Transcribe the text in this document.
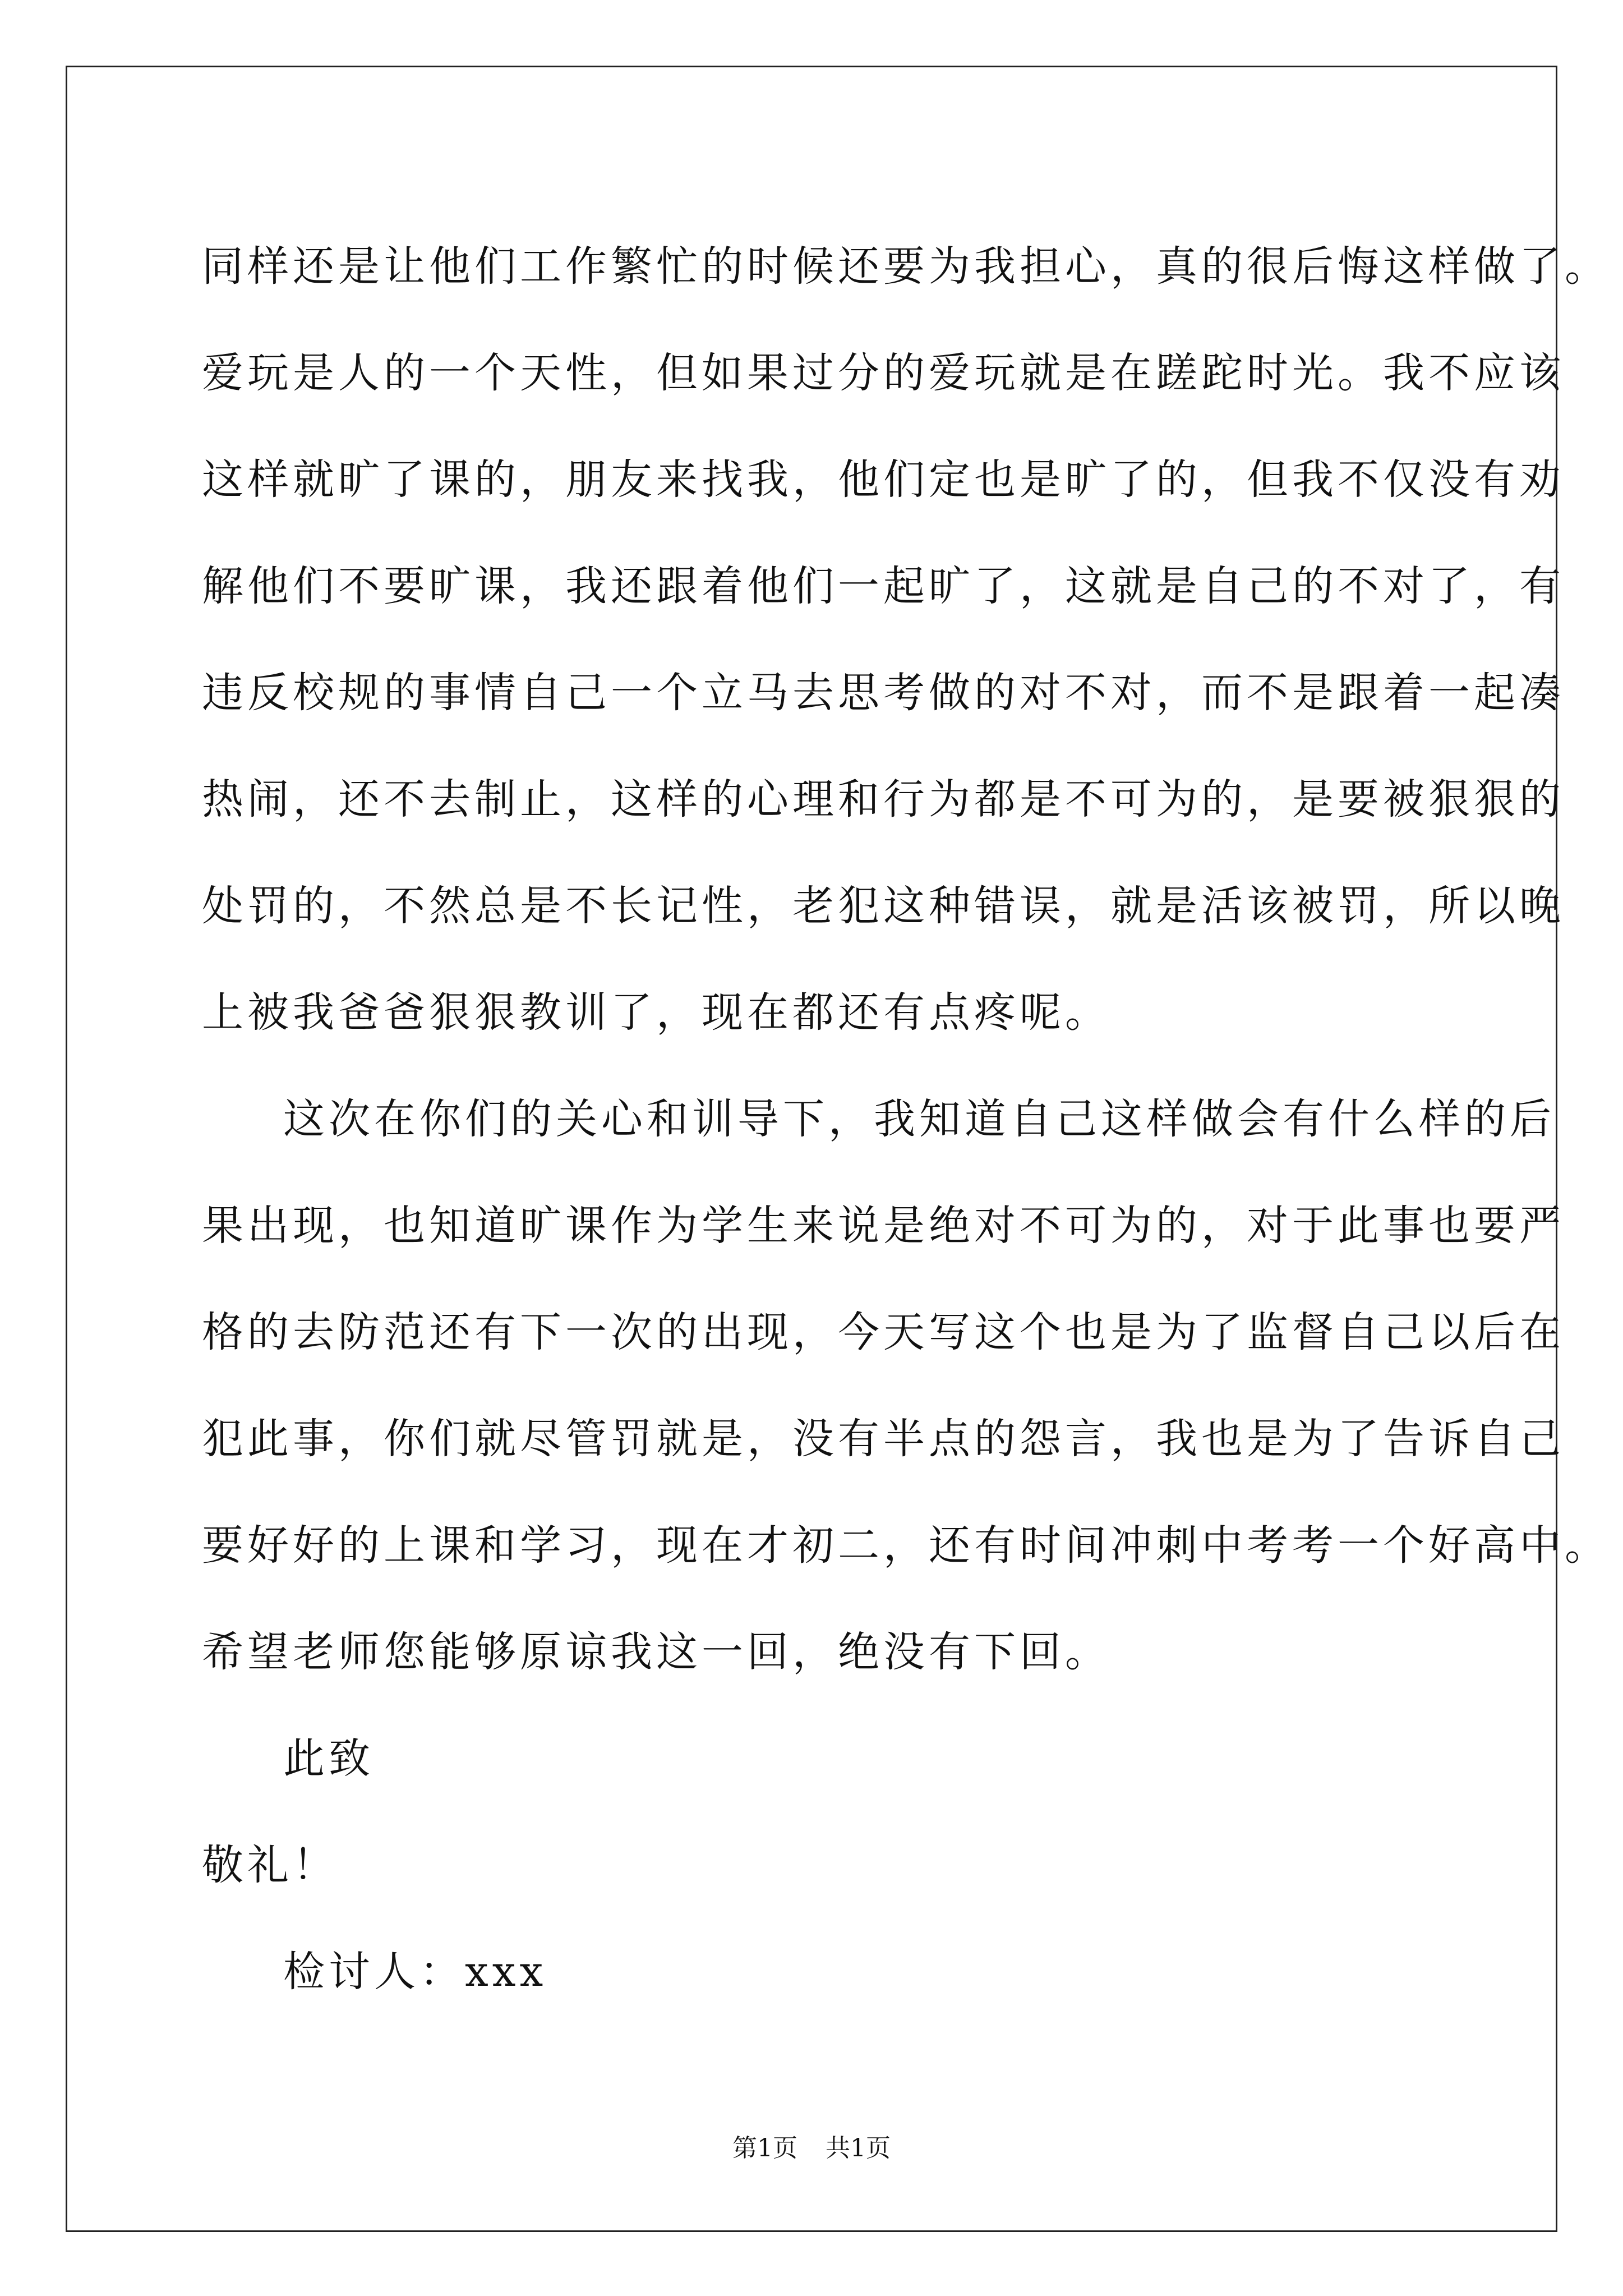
同样还是让他们工作繁忙的时候还要为我担心，真的很后悔这样做了。
爱玩是人的一个天性，但如果过分的爱玩就是在蹉跎时光。我不应该
这样就旷了课的，朋友来找我，他们定也是旷了的，但我不仅没有劝
解他们不要旷课，我还跟着他们一起旷了，这就是自己的不对了，有
违反校规的事情自己一个立马去思考做的对不对，而不是跟着一起凑
热闹，还不去制止，这样的心理和行为都是不可为的，是要被狠狠的
处罚的，不然总是不长记性，老犯这种错误，就是活该被罚，所以晚
上被我爸爸狠狠教训了，现在都还有点疼呢。
这次在你们的关心和训导下，我知道自己这样做会有什么样的后
果出现，也知道旷课作为学生来说是绝对不可为的，对于此事也要严
格的去防范还有下一次的出现，今天写这个也是为了监督自己以后在
犯此事，你们就尽管罚就是，没有半点的怨言，我也是为了告诉自己
要好好的上课和学习，现在才初二，还有时间冲刺中考考一个好高中。
希望老师您能够原谅我这一回，绝没有下回。
此致
敬礼！
检讨人：xxx
第1页 共1页
